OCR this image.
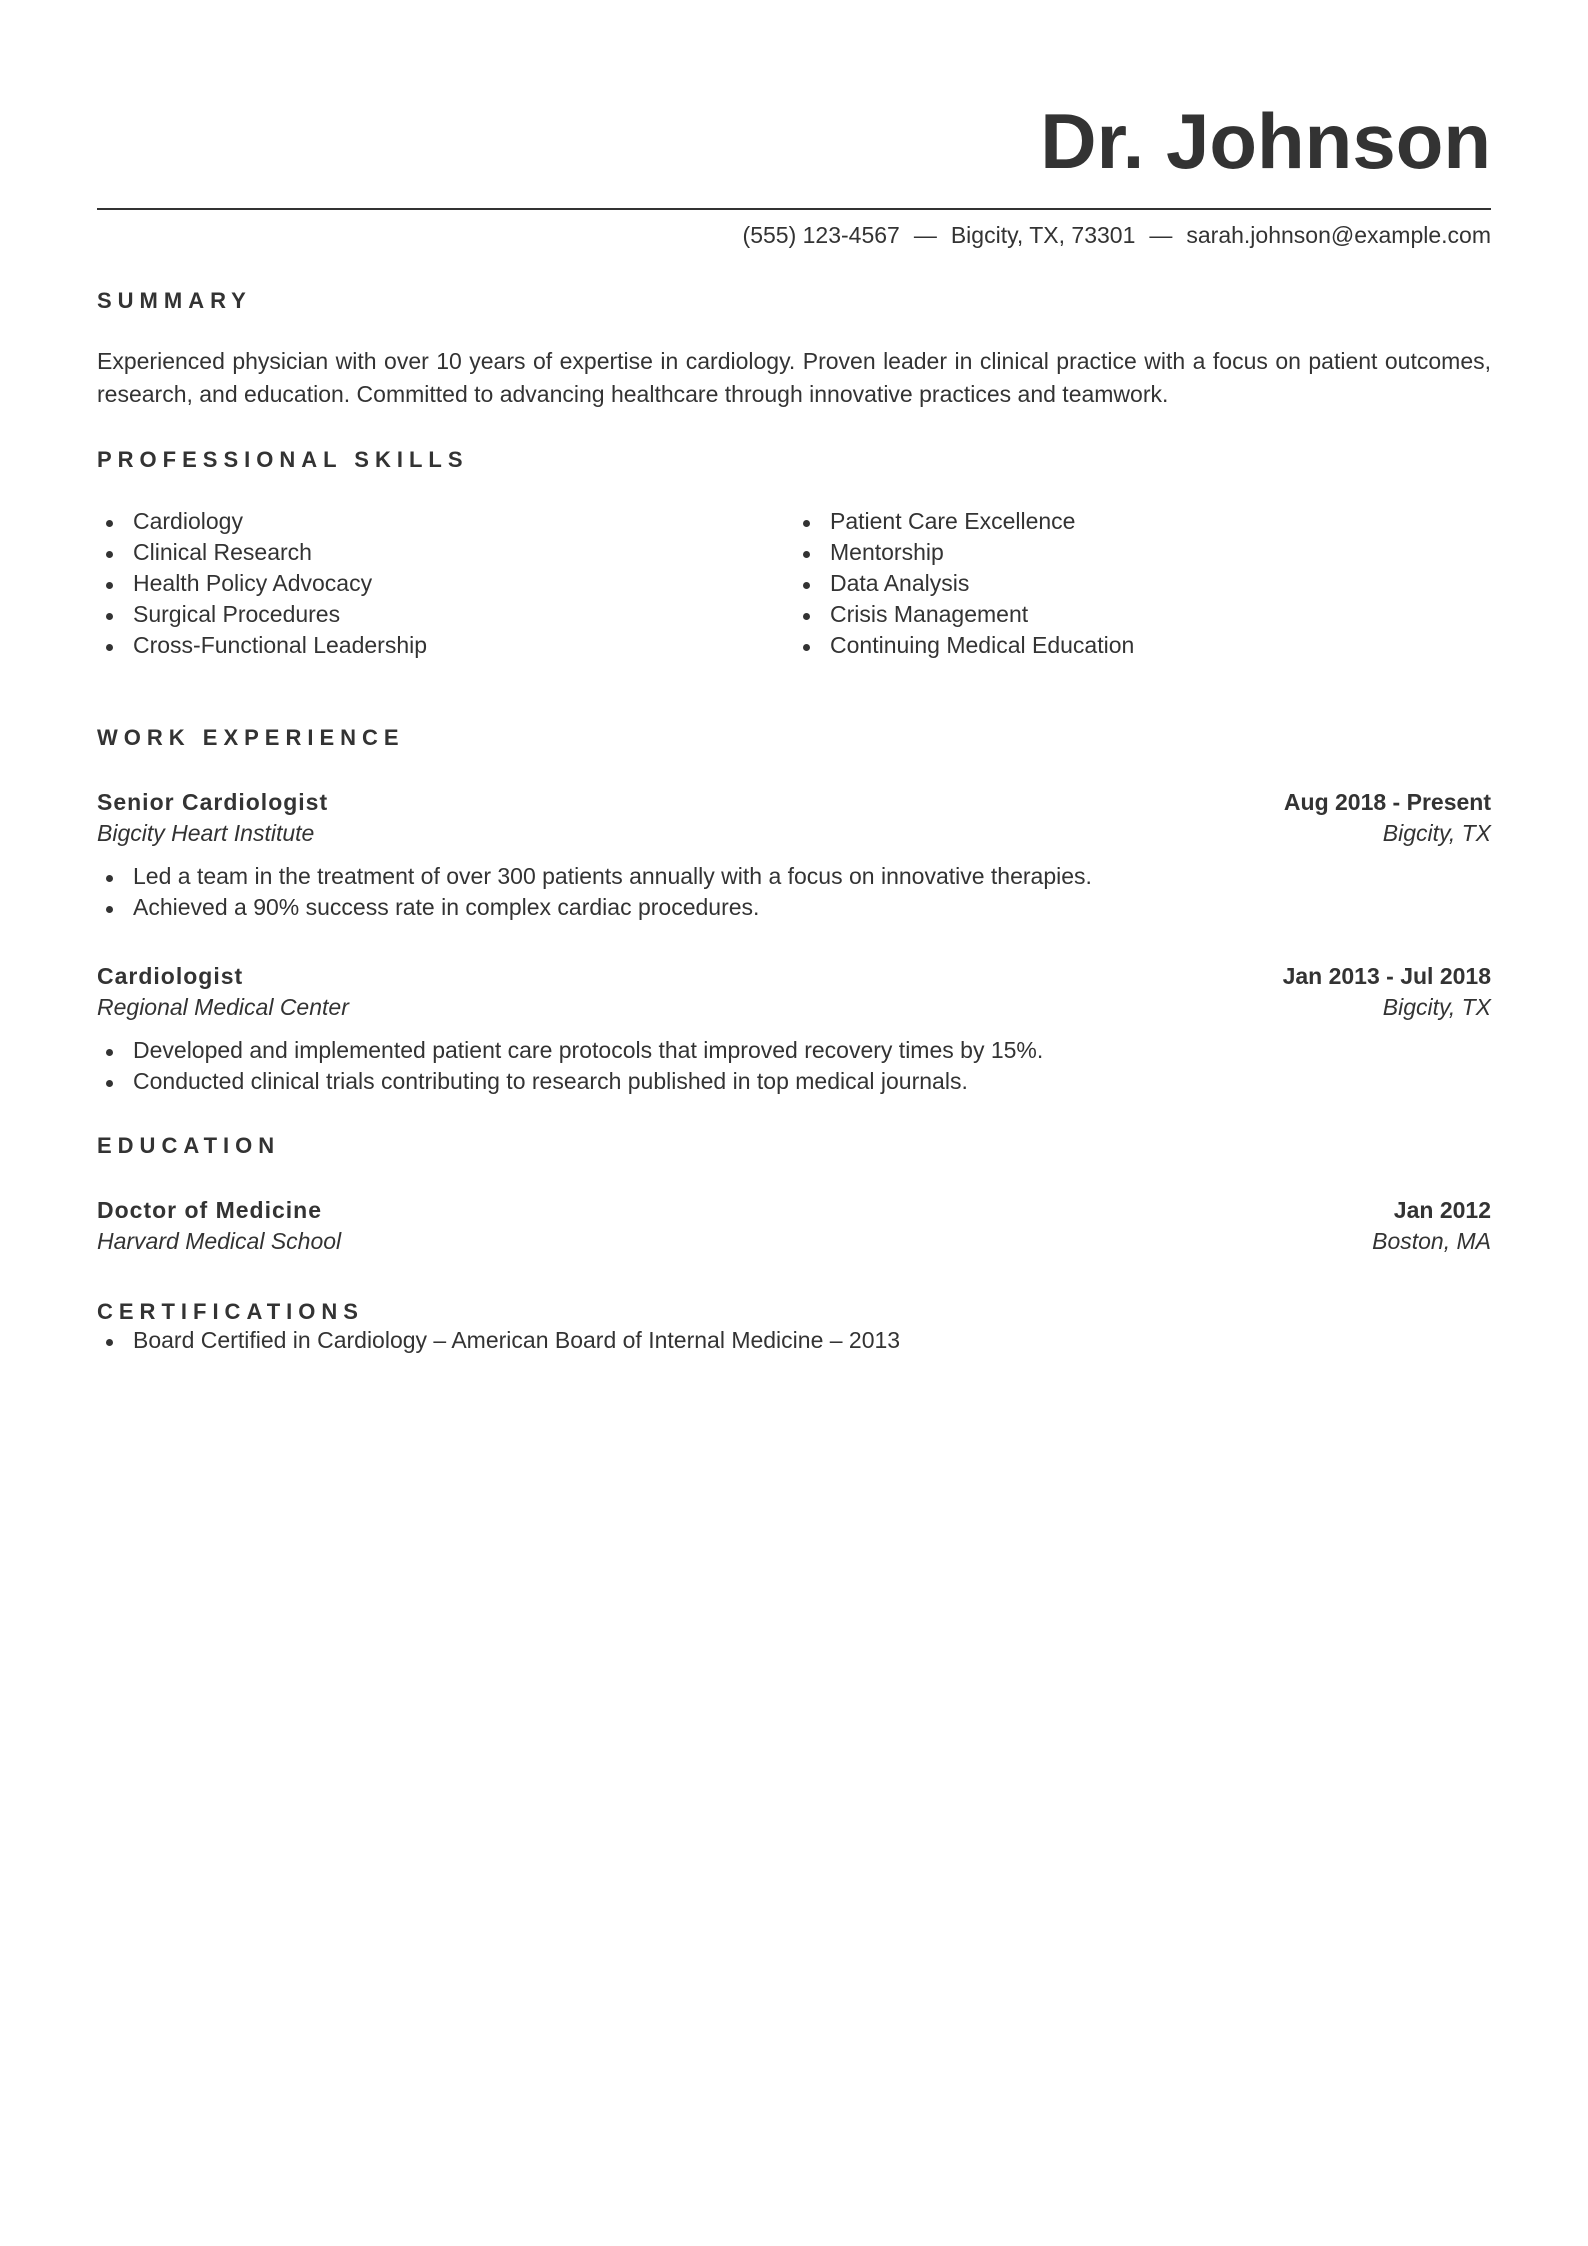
Dr. Johnson
(555) 123-4567 — Bigcity, TX, 73301 — sarah.johnson@example.com
SUMMARY

Experienced physician with over 10 years of expertise in cardiology. Proven leader in clinical practice with a focus on patient outcomes, research, and education. Committed to advancing healthcare through innovative practices and teamwork.

PROFESSIONAL SKILLS
Cardiology
Clinical Research
Health Policy Advocacy
Surgical Procedures
Cross-Functional Leadership
Patient Care Excellence
Mentorship
Data Analysis
Crisis Management
Continuing Medical Education
WORK EXPERIENCE
Senior Cardiologist	Aug 2018 - Present
Bigcity Heart Institute	Bigcity, TX
Led a team in the treatment of over 300 patients annually with a focus on innovative therapies.
Achieved a 90% success rate in complex cardiac procedures.
Cardiologist	Jan 2013 - Jul 2018
Regional Medical Center	Bigcity, TX
Developed and implemented patient care protocols that improved recovery times by 15%.
Conducted clinical trials contributing to research published in top medical journals.
EDUCATION
Doctor of Medicine	Jan 2012
Harvard Medical School	Boston, MA
CERTIFICATIONS
Board Certified in Cardiology – American Board of Internal Medicine – 2013
